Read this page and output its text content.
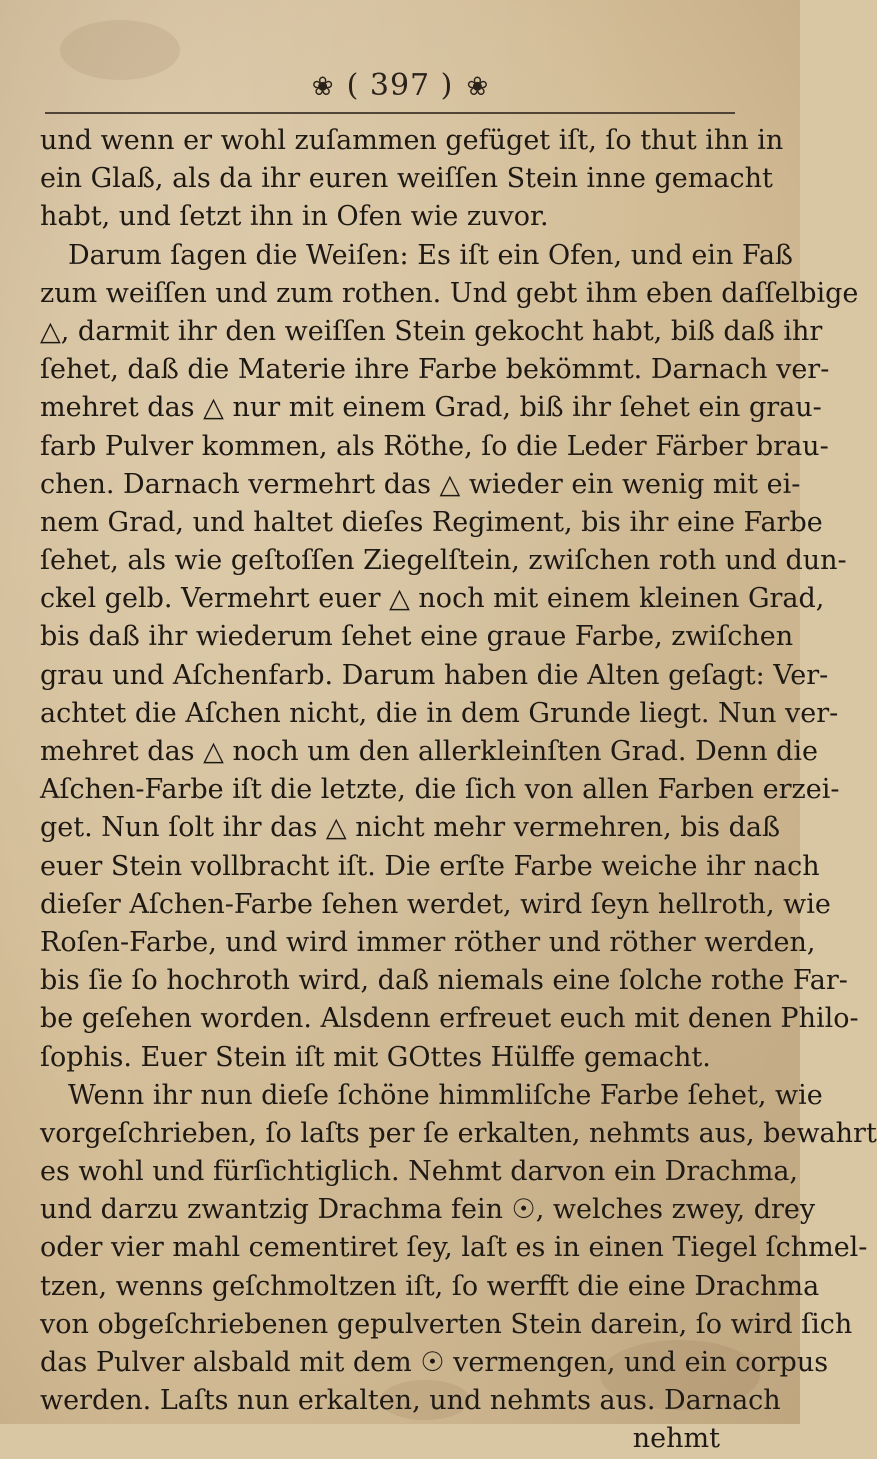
❀ ( 397 ) ❀
und wenn er wohl zuſammen gefüget iſt, ſo thut ihn in
ein Glaß, als da ihr euren weiſſen Stein inne gemacht
habt, und ſetzt ihn in Ofen wie zuvor.
Darum ſagen die Weiſen: Es iſt ein Ofen, und ein Faß
zum weiſſen und zum rothen. Und gebt ihm eben daſſelbige
△, darmit ihr den weiſſen Stein gekocht habt, biß daß ihr
ſehet, daß die Materie ihre Farbe bekömmt. Darnach ver-
mehret das △ nur mit einem Grad, biß ihr ſehet ein grau-
farb Pulver kommen, als Röthe, ſo die Leder Färber brau-
chen. Darnach vermehrt das △ wieder ein wenig mit ei-
nem Grad, und haltet dieſes Regiment, bis ihr eine Farbe
ſehet, als wie geſtoſſen Ziegelſtein, zwiſchen roth und dun-
ckel gelb. Vermehrt euer △ noch mit einem kleinen Grad,
bis daß ihr wiederum ſehet eine graue Farbe, zwiſchen
grau und Aſchenfarb. Darum haben die Alten geſagt: Ver-
achtet die Aſchen nicht, die in dem Grunde liegt. Nun ver-
mehret das △ noch um den allerkleinſten Grad. Denn die
Aſchen-Farbe iſt die letzte, die ſich von allen Farben erzei-
get. Nun ſolt ihr das △ nicht mehr vermehren, bis daß
euer Stein vollbracht iſt. Die erſte Farbe weiche ihr nach
dieſer Aſchen-Farbe ſehen werdet, wird ſeyn hellroth, wie
Roſen-Farbe, und wird immer röther und röther werden,
bis ſie ſo hochroth wird, daß niemals eine ſolche rothe Far-
be geſehen worden. Alsdenn erfreuet euch mit denen Philo-
ſophis. Euer Stein iſt mit GOttes Hülffe gemacht.
Wenn ihr nun dieſe ſchöne himmliſche Farbe ſehet, wie
vorgeſchrieben, ſo laſts per ſe erkalten, nehmts aus, bewahrt
es wohl und fürſichtiglich. Nehmt darvon ein Drachma,
und darzu zwantzig Drachma fein ☉, welches zwey, drey
oder vier mahl cementiret ſey, laſt es in einen Tiegel ſchmel-
tzen, wenns geſchmoltzen iſt, ſo werfft die eine Drachma
von obgeſchriebenen gepulverten Stein darein, ſo wird ſich
das Pulver alsbald mit dem ☉ vermengen, und ein corpus
werden. Laſts nun erkalten, und nehmts aus. Darnach
nehmt
